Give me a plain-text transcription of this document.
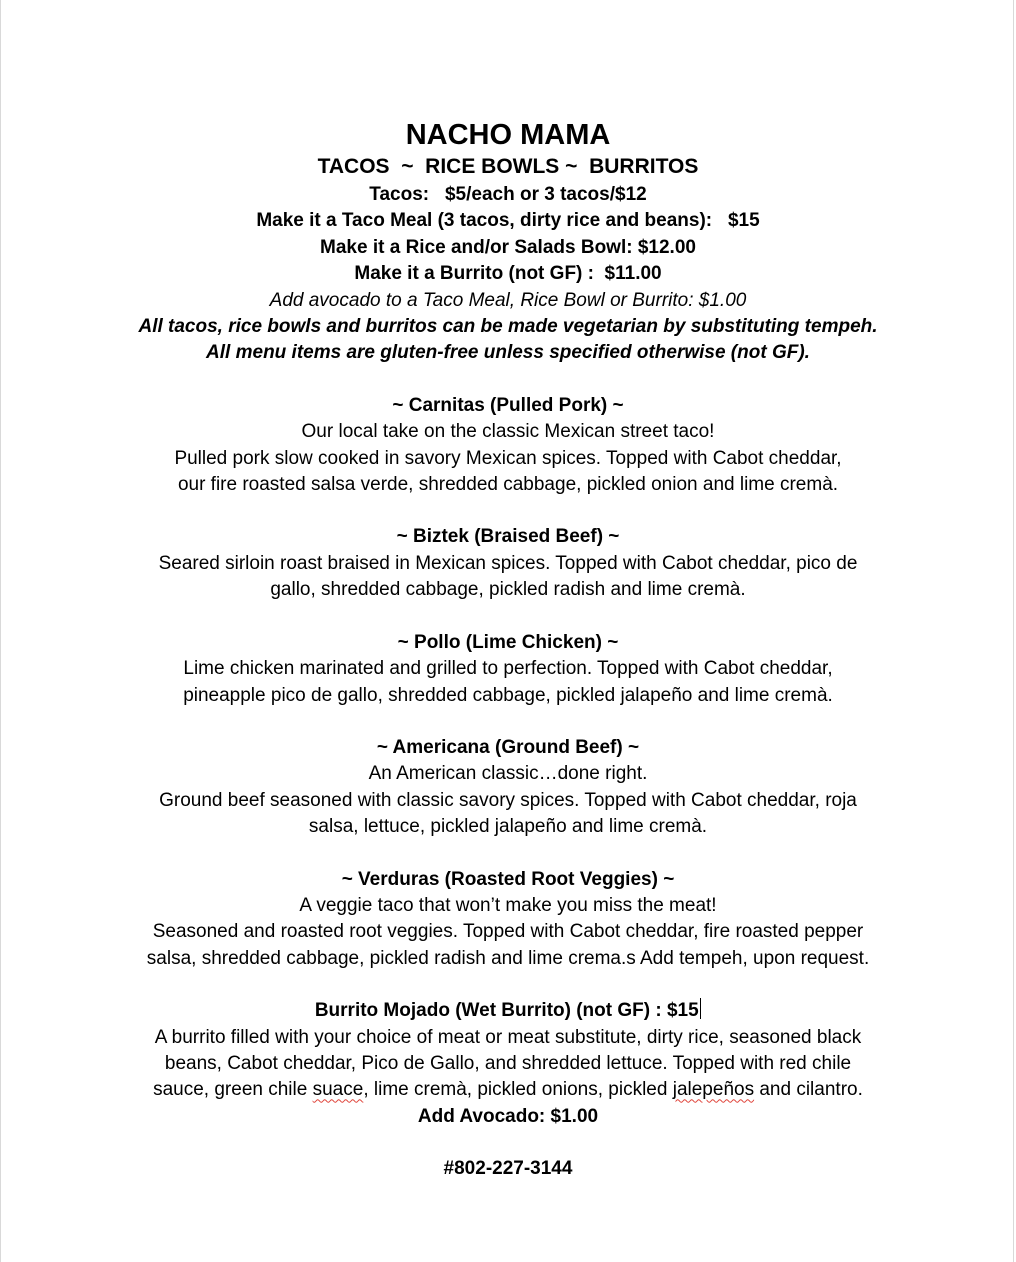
NACHO MAMA
TACOS  ~  RICE BOWLS ~  BURRITOS
Tacos:   $5/each or 3 tacos/$12
Make it a Taco Meal (3 tacos, dirty rice and beans):   $15
Make it a Rice and/or Salads Bowl: $12.00
Make it a Burrito (not GF) :  $11.00
Add avocado to a Taco Meal, Rice Bowl or Burrito: $1.00
All tacos, rice bowls and burritos can be made vegetarian by substituting tempeh.
All menu items are gluten-free unless specified otherwise (not GF).
~ Carnitas (Pulled Pork) ~
Our local take on the classic Mexican street taco!
Pulled pork slow cooked in savory Mexican spices. Topped with Cabot cheddar,
our fire roasted salsa verde, shredded cabbage, pickled onion and lime cremà.
~ Biztek (Braised Beef) ~
Seared sirloin roast braised in Mexican spices. Topped with Cabot cheddar, pico de
gallo, shredded cabbage, pickled radish and lime cremà.
~ Pollo (Lime Chicken) ~
Lime chicken marinated and grilled to perfection. Topped with Cabot cheddar,
pineapple pico de gallo, shredded cabbage, pickled jalapeño and lime cremà.
~ Americana (Ground Beef) ~
An American classic…done right.
Ground beef seasoned with classic savory spices. Topped with Cabot cheddar, roja
salsa, lettuce, pickled jalapeño and lime cremà.
~ Verduras (Roasted Root Veggies) ~
A veggie taco that won’t make you miss the meat!
Seasoned and roasted root veggies. Topped with Cabot cheddar, fire roasted pepper
salsa, shredded cabbage, pickled radish and lime crema.s Add tempeh, upon request.
Burrito Mojado (Wet Burrito) (not GF) : $15
A burrito filled with your choice of meat or meat substitute, dirty rice, seasoned black
beans, Cabot cheddar, Pico de Gallo, and shredded lettuce. Topped with red chile
sauce, green chile suace, lime cremà, pickled onions, pickled jalepeños and cilantro.
Add Avocado: $1.00
#802-227-3144
